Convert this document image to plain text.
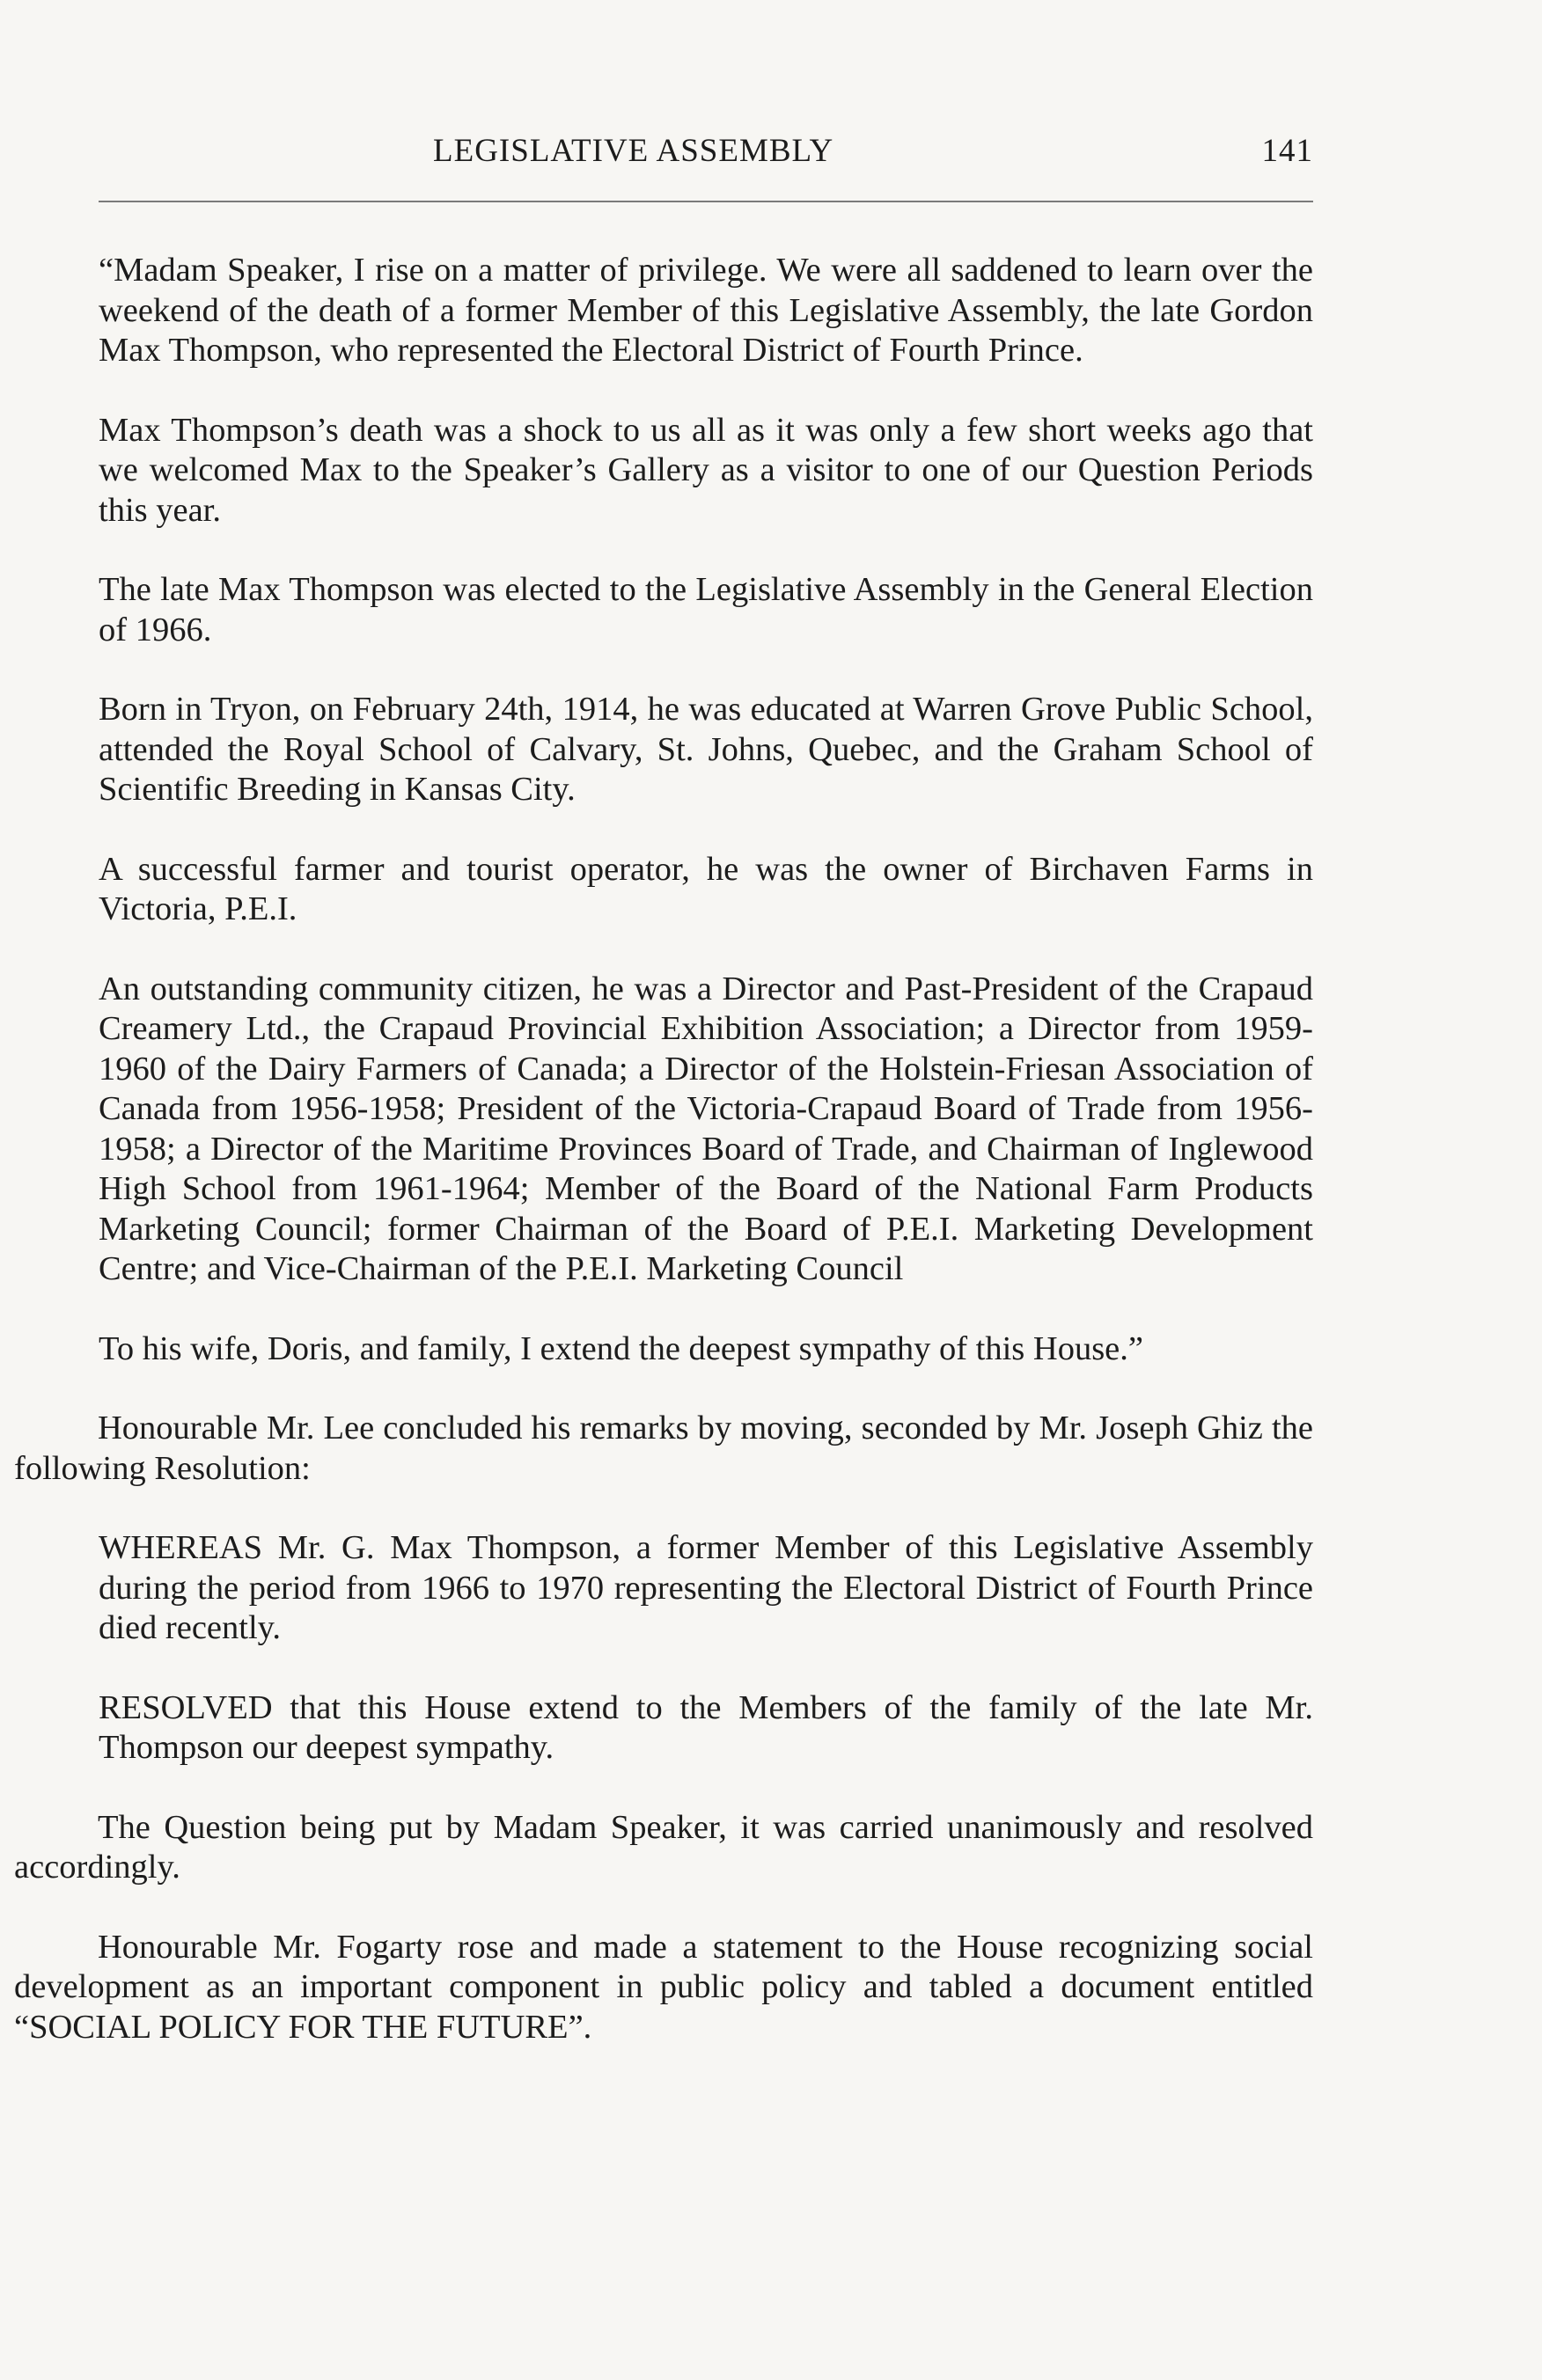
LEGISLATIVE ASSEMBLY	141

“Madam Speaker, I rise on a matter of privilege. We were all saddened to learn over the weekend of the death of a former Member of this Legislative Assembly, the late Gordon Max Thompson, who represented the Electoral District of Fourth Prince.

Max Thompson’s death was a shock to us all as it was only a few short weeks ago that we welcomed Max to the Speaker’s Gallery as a visitor to one of our Question Periods this year.

The late Max Thompson was elected to the Legislative Assembly in the General Election of 1966.

Born in Tryon, on February 24th, 1914, he was educated at Warren Grove Public School, attended the Royal School of Calvary, St. Johns, Quebec, and the Graham School of Scientific Breeding in Kansas City.

A successful farmer and tourist operator, he was the owner of Birchaven Farms in Victoria, P.E.I.

An outstanding community citizen, he was a Director and Past-President of the Crapaud Creamery Ltd., the Crapaud Provincial Exhibition Association; a Director from 1959-1960 of the Dairy Farmers of Canada; a Director of the Holstein-Friesan Association of Canada from 1956-1958; President of the Victoria-Crapaud Board of Trade from 1956-1958; a Director of the Maritime Provinces Board of Trade, and Chairman of Inglewood High School from 1961-1964; Member of the Board of the National Farm Products Marketing Council; former Chairman of the Board of P.E.I. Marketing Development Centre; and Vice-Chairman of the P.E.I. Marketing Council

To his wife, Doris, and family, I extend the deepest sympathy of this House.”

Honourable Mr. Lee concluded his remarks by moving, seconded by Mr. Joseph Ghiz the following Resolution:

WHEREAS Mr. G. Max Thompson, a former Member of this Legislative Assembly during the period from 1966 to 1970 representing the Electoral District of Fourth Prince died recently.

RESOLVED that this House extend to the Members of the family of the late Mr. Thompson our deepest sympathy.

The Question being put by Madam Speaker, it was carried unanimously and resolved accordingly.

Honourable Mr. Fogarty rose and made a statement to the House recognizing social development as an important component in public policy and tabled a document entitled “SOCIAL POLICY FOR THE FUTURE”.
